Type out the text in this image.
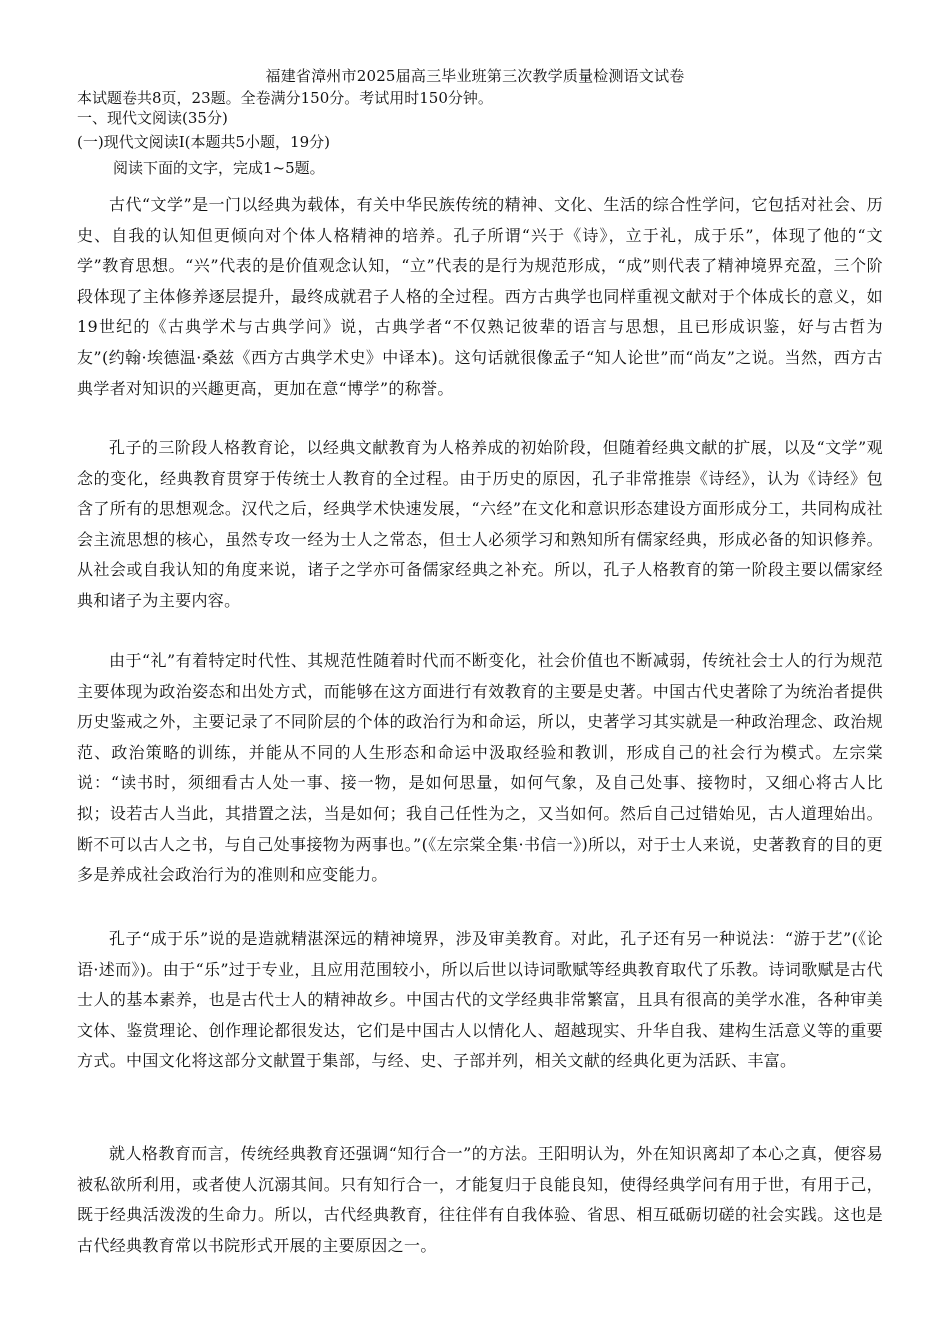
福建省漳州市2025届高三毕业班第三次教学质量检测语文试卷
本试题卷共8页，23题。全卷满分150分。考试用时150分钟。
一、现代文阅读(35分)
(一)现代文阅读Ⅰ(本题共5小题，19分)
阅读下面的文字，完成1~5题。

古代“文学”是一门以经典为载体，有关中华民族传统的精神、文化、生活的综合性学问，它包括对社会、历史、自我的认知但更倾向对个体人格精神的培养。孔子所谓“兴于《诗》，立于礼，成于乐”，体现了他的“文学”教育思想。“兴”代表的是价值观念认知，“立”代表的是行为规范形成，“成”则代表了精神境界充盈，三个阶段体现了主体修养逐层提升，最终成就君子人格的全过程。西方古典学也同样重视文献对于个体成长的意义，如19世纪的《古典学术与古典学问》说，古典学者“不仅熟记彼辈的语言与思想，且已形成识鉴，好与古哲为友”(约翰·埃德温·桑兹《西方古典学术史》中译本)。这句话就很像孟子“知人论世”而“尚友”之说。当然，西方古典学者对知识的兴趣更高，更加在意“博学”的称誉。

孔子的三阶段人格教育论，以经典文献教育为人格养成的初始阶段，但随着经典文献的扩展，以及“文学”观念的变化，经典教育贯穿于传统士人教育的全过程。由于历史的原因，孔子非常推崇《诗经》，认为《诗经》包含了所有的思想观念。汉代之后，经典学术快速发展，“六经”在文化和意识形态建设方面形成分工，共同构成社会主流思想的核心，虽然专攻一经为士人之常态，但士人必须学习和熟知所有儒家经典，形成必备的知识修养。从社会或自我认知的角度来说，诸子之学亦可备儒家经典之补充。所以，孔子人格教育的第一阶段主要以儒家经典和诸子为主要内容。

由于“礼”有着特定时代性、其规范性随着时代而不断变化，社会价值也不断减弱，传统社会士人的行为规范主要体现为政治姿态和出处方式，而能够在这方面进行有效教育的主要是史著。中国古代史著除了为统治者提供历史鉴戒之外，主要记录了不同阶层的个体的政治行为和命运，所以，史著学习其实就是一种政治理念、政治规范、政治策略的训练，并能从不同的人生形态和命运中汲取经验和教训，形成自己的社会行为模式。左宗棠说：“读书时，须细看古人处一事、接一物，是如何思量，如何气象，及自己处事、接物时，又细心将古人比拟；设若古人当此，其措置之法，当是如何；我自己任性为之，又当如何。然后自己过错始见，古人道理始出。断不可以古人之书，与自己处事接物为两事也。”(《左宗棠全集·书信一》)所以，对于士人来说，史著教育的目的更多是养成社会政治行为的准则和应变能力。

孔子“成于乐”说的是造就精湛深远的精神境界，涉及审美教育。对此，孔子还有另一种说法：“游于艺”(《论语·述而》)。由于“乐”过于专业，且应用范围较小，所以后世以诗词歌赋等经典教育取代了乐教。诗词歌赋是古代士人的基本素养，也是古代士人的精神故乡。中国古代的文学经典非常繁富，且具有很高的美学水准，各种审美文体、鉴赏理论、创作理论都很发达，它们是中国古人以情化人、超越现实、升华自我、建构生活意义等的重要方式。中国文化将这部分文献置于集部，与经、史、子部并列，相关文献的经典化更为活跃、丰富。

就人格教育而言，传统经典教育还强调“知行合一”的方法。王阳明认为，外在知识离却了本心之真，便容易被私欲所利用，或者使人沉溺其间。只有知行合一，才能复归于良能良知，使得经典学问有用于世，有用于己，既于经典活泼泼的生命力。所以，古代经典教育，往往伴有自我体验、省思、相互砥砺切磋的社会实践。这也是古代经典教育常以书院形式开展的主要原因之一。
